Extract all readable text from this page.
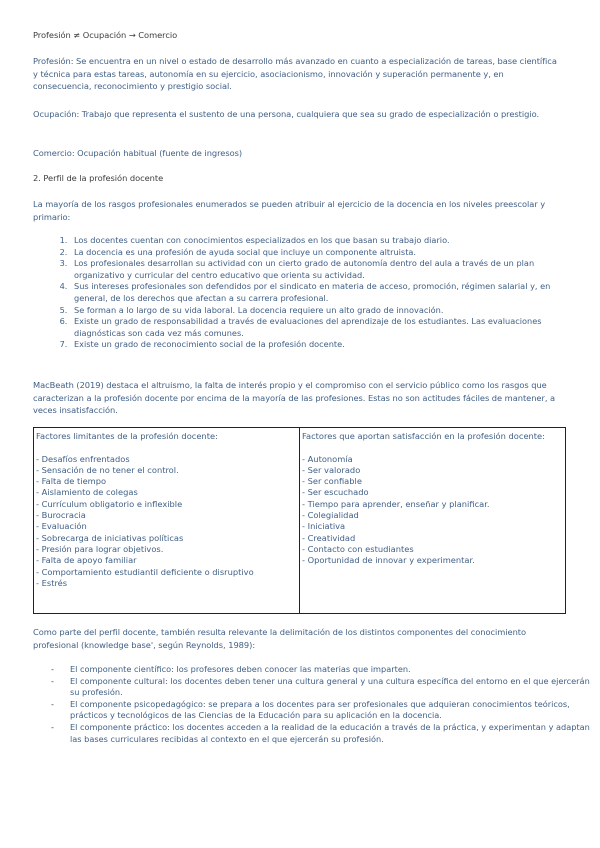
Profesión ≠ Ocupación → Comercio
Profesión: Se encuentra en un nivel o estado de desarrollo más avanzado en cuanto a especialización de tareas, base científica y técnica para estas tareas, autonomía en su ejercicio, asociacionismo, innovación y superación permanente y, en consecuencia, reconocimiento y prestigio social.
Ocupación: Trabajo que representa el sustento de una persona, cualquiera que sea su grado de especialización o prestigio.
Comercio: Ocupación habitual (fuente de ingresos)
2. Perfil de la profesión docente
La mayoría de los rasgos profesionales enumerados se pueden atribuir al ejercicio de la docencia en los niveles preescolar y primario:
1. Los docentes cuentan con conocimientos especializados en los que basan su trabajo diario.
2. La docencia es una profesión de ayuda social que incluye un componente altruista.
3. Los profesionales desarrollan su actividad con un cierto grado de autonomía dentro del aula a través de un plan organizativo y curricular del centro educativo que orienta su actividad.
4. Sus intereses profesionales son defendidos por el sindicato en materia de acceso, promoción, régimen salarial y, en general, de los derechos que afectan a su carrera profesional.
5. Se forman a lo largo de su vida laboral. La docencia requiere un alto grado de innovación.
6. Existe un grado de responsabilidad a través de evaluaciones del aprendizaje de los estudiantes. Las evaluaciones diagnósticas son cada vez más comunes.
7. Existe un grado de reconocimiento social de la profesión docente.
MacBeath (2019) destaca el altruismo, la falta de interés propio y el compromiso con el servicio público como los rasgos que caracterizan a la profesión docente por encima de la mayoría de las profesiones. Estas no son actitudes fáciles de mantener, a veces insatisfacción.
Factores limitantes de la profesión docente:
- Desafíos enfrentados
- Sensación de no tener el control.
- Falta de tiempo
- Aislamiento de colegas
- Currículum obligatorio e inflexible
- Burocracia
- Evaluación
- Sobrecarga de iniciativas políticas
- Presión para lograr objetivos.
- Falta de apoyo familiar
- Comportamiento estudiantil deficiente o disruptivo
- Estrés

Factores que aportan satisfacción en la profesión docente:
- Autonomía
- Ser valorado
- Ser confiable
- Ser escuchado
- Tiempo para aprender, enseñar y planificar.
- Colegialidad
- Iniciativa
- Creatividad
- Contacto con estudiantes
- Oportunidad de innovar y experimentar.
Como parte del perfil docente, también resulta relevante la delimitación de los distintos componentes del conocimiento profesional (knowledge base', según Reynolds, 1989):
- El componente científico: los profesores deben conocer las materias que imparten.
- El componente cultural: los docentes deben tener una cultura general y una cultura específica del entorno en el que ejercerán su profesión.
- El componente psicopedagógico: se prepara a los docentes para ser profesionales que adquieran conocimientos teóricos, prácticos y tecnológicos de las Ciencias de la Educación para su aplicación en la docencia.
- El componente práctico: los docentes acceden a la realidad de la educación a través de la práctica, y experimentan y adaptan las bases curriculares recibidas al contexto en el que ejercerán su profesión.
